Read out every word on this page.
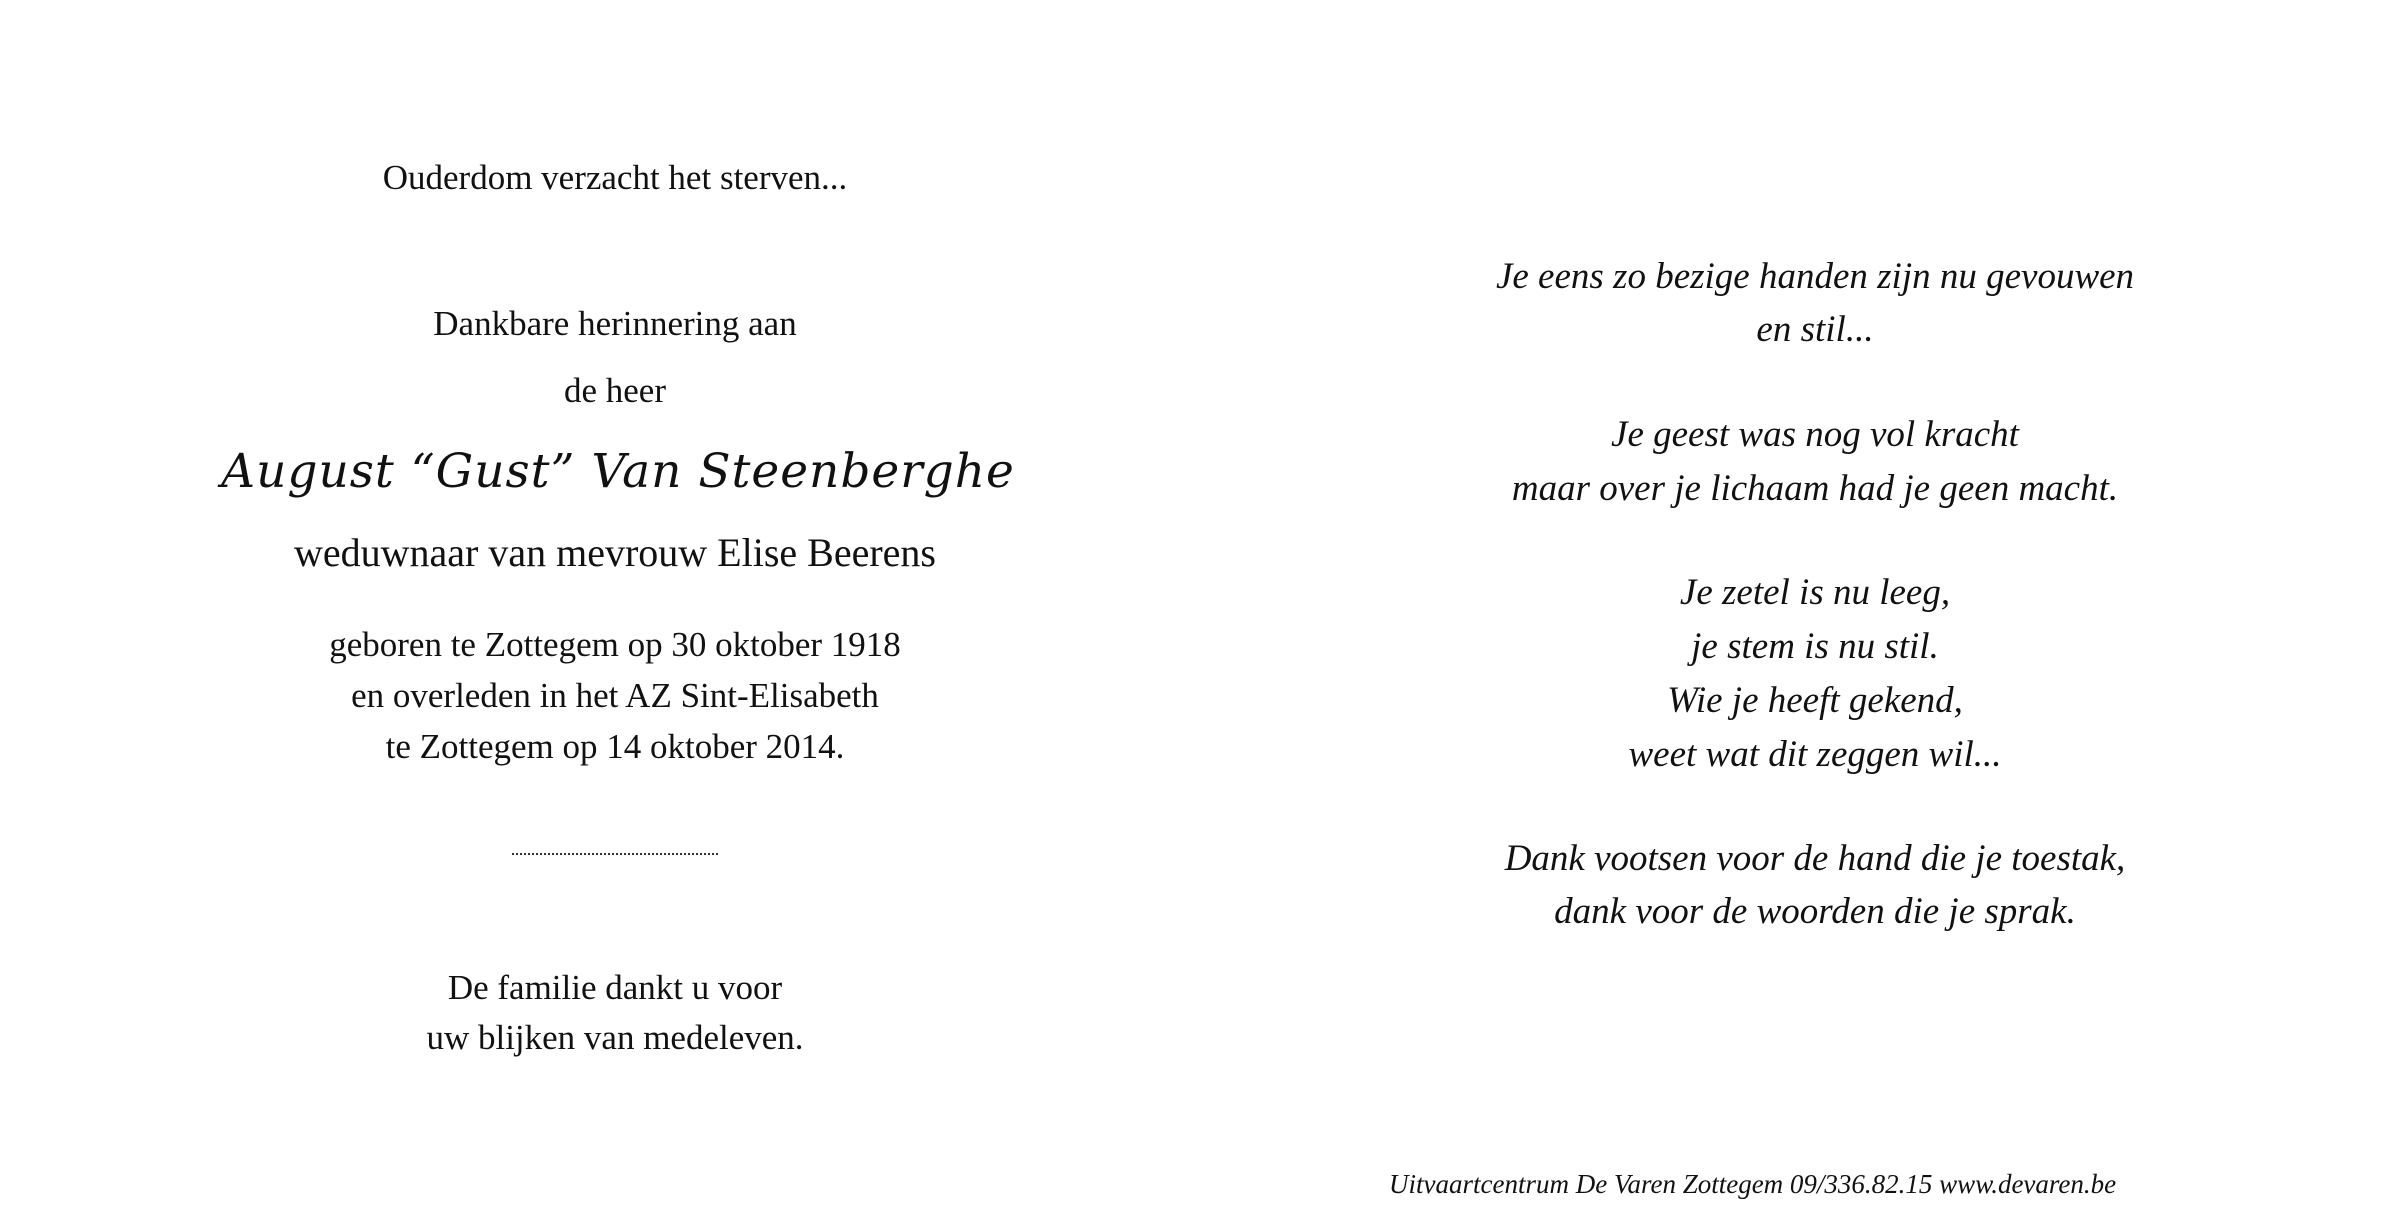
Ouderdom verzacht het sterven...
Dankbare herinnering aan
de heer
August “Gust” Van Steenberghe
weduwnaar van mevrouw Elise Beerens
geboren te Zottegem op 30 oktober 1918
en overleden in het AZ Sint-Elisabeth
te Zottegem op 14 oktober 2014.
De familie dankt u voor
uw blijken van medeleven.
Je eens zo bezige handen zijn nu gevouwen
en stil...
Je geest was nog vol kracht
maar over je lichaam had je geen macht.
Je zetel is nu leeg,
je stem is nu stil.
Wie je heeft gekend,
weet wat dit zeggen wil...
Dank vootsen voor de hand die je toestak,
dank voor de woorden die je sprak.
Uitvaartcentrum De Varen Zottegem 09/336.82.15 www.devaren.be
